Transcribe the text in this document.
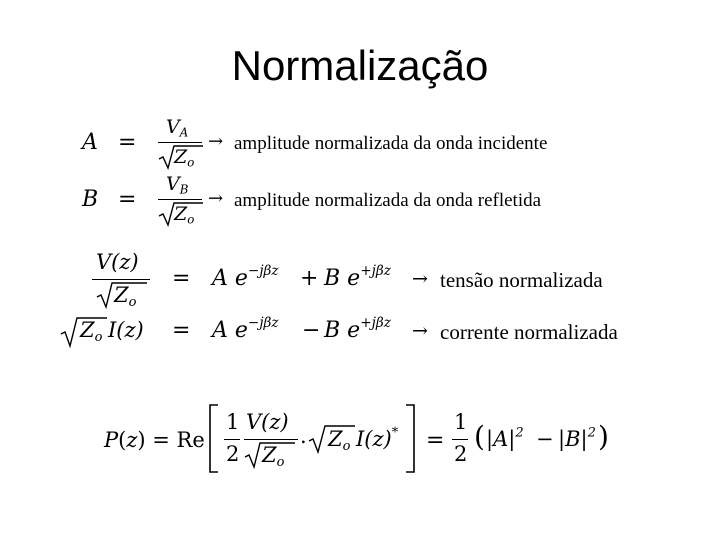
Normalização
A =
$V_A$
$Z_o$
→ amplitude normalizada da onda incidente
B =
$V_B$
$Z_o$
→ amplitude normalizada da onda refletida
V(z)
$Z_o$
= A $e^{-j\beta z} + B$ $e^{+j\beta z}$ → tensão normalizada
$Z_o$ I(z) = A $e^{-j\beta z} - B$ $e^{+j\beta z}$ → corrente normalizada
P(z) = Re
1
2
V(z)
$Z_o$
. $Z_o$ I(z)* =
1
2
( $|A|^2 - |B|^2$ )
